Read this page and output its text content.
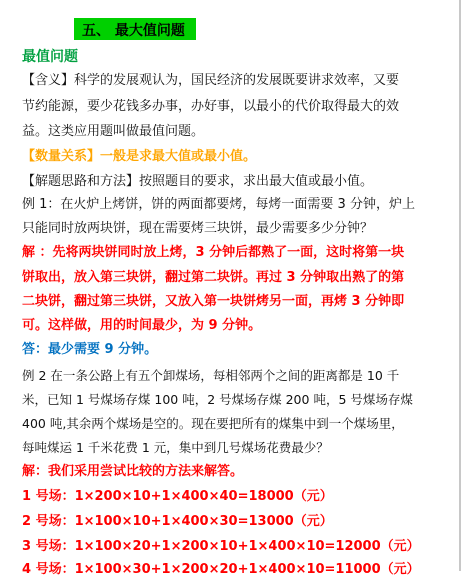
五、 最大值问题
最值问题
【含义】科学的发展观认为，国民经济的发展既要讲求效率，又要
节约能源，要少花钱多办事，办好事，以最小的代价取得最大的效
益。这类应用题叫做最值问题。
【数量关系】一般是求最大值或最小值。
【解题思路和方法】按照题目的要求，求出最大值或最小值。
例 1：在火炉上烤饼，饼的两面都要烤，每烤一面需要 3 分钟，炉上
只能同时放两块饼，现在需要烤三块饼，最少需要多少分钟？
解 ：先将两块饼同时放上烤，3 分钟后都熟了一面，这时将第一块
饼取出，放入第三块饼，翻过第二块饼。再过 3 分钟取出熟了的第
二块饼，翻过第三块饼，又放入第一块饼烤另一面，再烤 3 分钟即
可。这样做，用的时间最少，为 9 分钟。
答：最少需要 9 分钟。
例 2 在一条公路上有五个卸煤场，每相邻两个之间的距离都是 10 千
米，已知 1 号煤场存煤 100 吨，2 号煤场存煤 200 吨，5 号煤场存煤
400 吨,其余两个煤场是空的。现在要把所有的煤集中到一个煤场里，
每吨煤运 1 千米花费 1 元，集中到几号煤场花费最少？
解：我们采用尝试比较的方法来解答。
1 号场：1×200×10+1×400×40=18000（元）
2 号场：1×100×10+1×400×30=13000（元）
3 号场：1×100×20+1×200×10+1×400×10=12000（元）
4 号场：1×100×30+1×200×20+1×400×10=11000（元）
